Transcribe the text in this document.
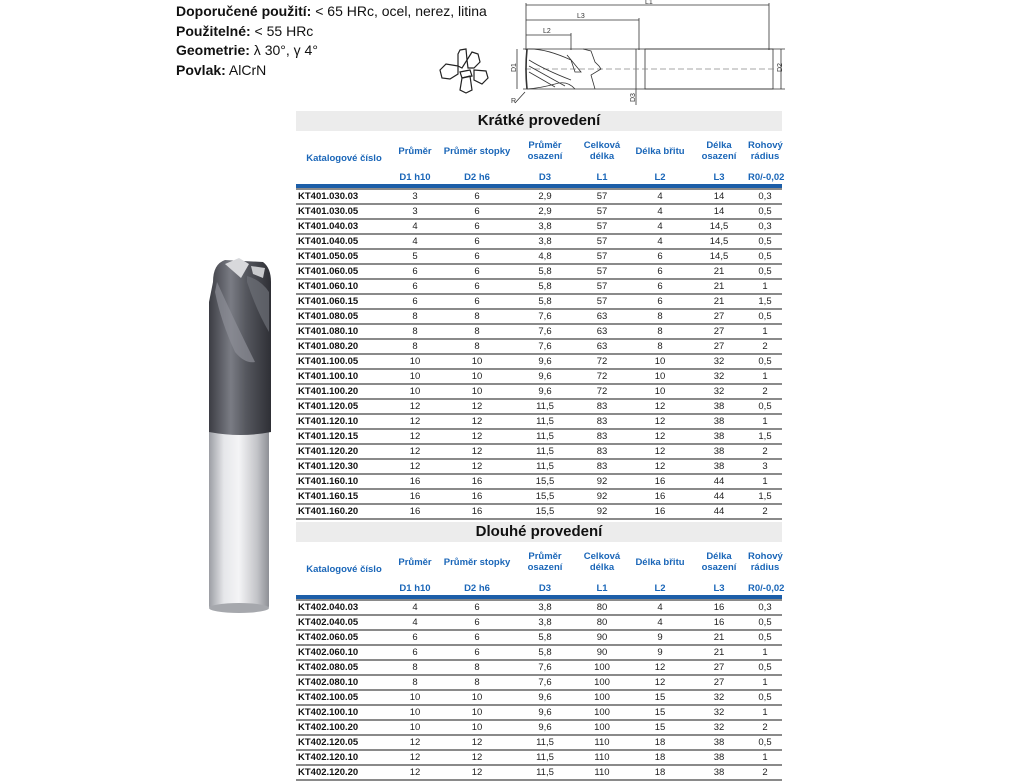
Doporučené použití: < 65 HRc, ocel, nerez, litina
Použitelné: < 55 HRc
Geometrie: λ 30°, γ 4°
Povlak: AlCrN
L1
L3
L2
D1	D2
D3
R
Krátké provedení
Katalogové číslo	Průměr	Průměr stopky	Průměr osazení	Celková délka	Délka břitu	Délka osazení	Rohový rádius
	D1 h10	D2 h6	D3	L1	L2	L3	R0/-0,02

KT401.030.03	3	6	2,9	57	4	14	0,3
KT401.030.05	3	6	2,9	57	4	14	0,5
KT401.040.03	4	6	3,8	57	4	14,5	0,3
KT401.040.05	4	6	3,8	57	4	14,5	0,5
KT401.050.05	5	6	4,8	57	6	14,5	0,5
KT401.060.05	6	6	5,8	57	6	21	0,5
KT401.060.10	6	6	5,8	57	6	21	1
KT401.060.15	6	6	5,8	57	6	21	1,5
KT401.080.05	8	8	7,6	63	8	27	0,5
KT401.080.10	8	8	7,6	63	8	27	1
KT401.080.20	8	8	7,6	63	8	27	2
KT401.100.05	10	10	9,6	72	10	32	0,5
KT401.100.10	10	10	9,6	72	10	32	1
KT401.100.20	10	10	9,6	72	10	32	2
KT401.120.05	12	12	11,5	83	12	38	0,5
KT401.120.10	12	12	11,5	83	12	38	1
KT401.120.15	12	12	11,5	83	12	38	1,5
KT401.120.20	12	12	11,5	83	12	38	2
KT401.120.30	12	12	11,5	83	12	38	3
KT401.160.10	16	16	15,5	92	16	44	1
KT401.160.15	16	16	15,5	92	16	44	1,5
KT401.160.20	16	16	15,5	92	16	44	2
Dlouhé provedení
Katalogové číslo	Průměr	Průměr stopky	Průměr osazení	Celková délka	Délka břitu	Délka osazení	Rohový rádius
	D1 h10	D2 h6	D3	L1	L2	L3	R0/-0,02

KT402.040.03	4	6	3,8	80	4	16	0,3
KT402.040.05	4	6	3,8	80	4	16	0,5
KT402.060.05	6	6	5,8	90	9	21	0,5
KT402.060.10	6	6	5,8	90	9	21	1
KT402.080.05	8	8	7,6	100	12	27	0,5
KT402.080.10	8	8	7,6	100	12	27	1
KT402.100.05	10	10	9,6	100	15	32	0,5
KT402.100.10	10	10	9,6	100	15	32	1
KT402.100.20	10	10	9,6	100	15	32	2
KT402.120.05	12	12	11,5	110	18	38	0,5
KT402.120.10	12	12	11,5	110	18	38	1
KT402.120.20	12	12	11,5	110	18	38	2
